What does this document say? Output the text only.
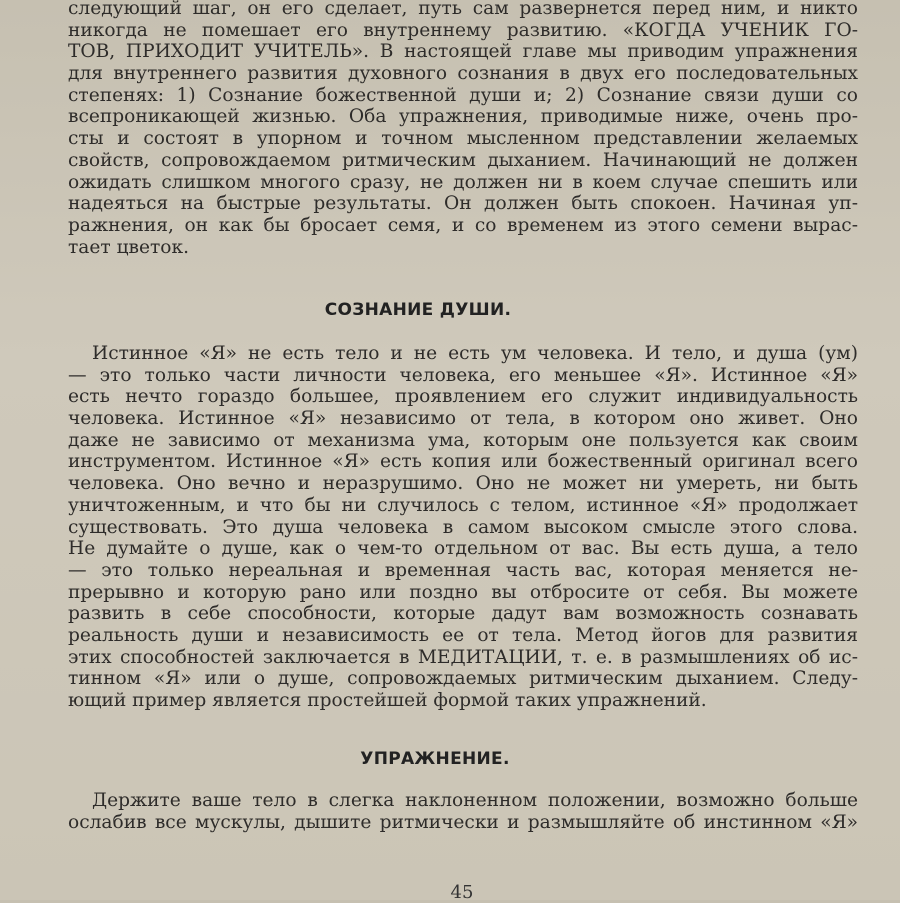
следующий шаг, он его сделает, путь сам развернется перед ним, и никто
никогда не помешает его внутреннему развитию. «КОГДА УЧЕНИК ГО-
ТОВ, ПРИХОДИТ УЧИТЕЛЬ». В настоящей главе мы приводим упражнения
для внутреннего развития духовного сознания в двух его последовательных
степенях: 1) Сознание божественной души и; 2) Сознание связи души со
всепроникающей жизнью. Оба упражнения, приводимые ниже, очень про-
сты и состоят в упорном и точном мысленном представлении желаемых
свойств, сопровождаемом ритмическим дыханием. Начинающий не должен
ожидать слишком многого сразу, не должен ни в коем случае спешить или
надеяться на быстрые результаты. Он должен быть спокоен. Начиная уп-
ражнения, он как бы бросает семя, и со временем из этого семени вырас-
тает цветок.
СОЗНАНИЕ ДУШИ.
Истинное «Я» не есть тело и не есть ум человека. И тело, и душа (ум)
— это только части личности человека, его меньшее «Я». Истинное «Я»
есть нечто гораздо большее, проявлением его служит индивидуальность
человека. Истинное «Я» независимо от тела, в котором оно живет. Оно
даже не зависимо от механизма ума, которым оне пользуется как своим
инструментом. Истинное «Я» есть копия или божественный оригинал всего
человека. Оно вечно и неразрушимо. Оно не может ни умереть, ни быть
уничтоженным, и что бы ни случилось с телом, истинное «Я» продолжает
существовать. Это душа человека в самом высоком смысле этого слова.
Не думайте о душе, как о чем-то отдельном от вас. Вы есть душа, а тело
— это только нереальная и временная часть вас, которая меняется не-
прерывно и которую рано или поздно вы отбросите от себя. Вы можете
развить в себе способности, которые дадут вам возможность сознавать
реальность души и независимость ее от тела. Метод йогов для развития
этих способностей заключается в МЕДИТАЦИИ, т. е. в размышлениях об ис-
тинном «Я» или о душе, сопровождаемых ритмическим дыханием. Следу-
ющий пример является простейшей формой таких упражнений.
УПРАЖНЕНИЕ.
Держите ваше тело в слегка наклоненном положении, возможно больше
ослабив все мускулы, дышите ритмически и размышляйте об инстинном «Я»
45
